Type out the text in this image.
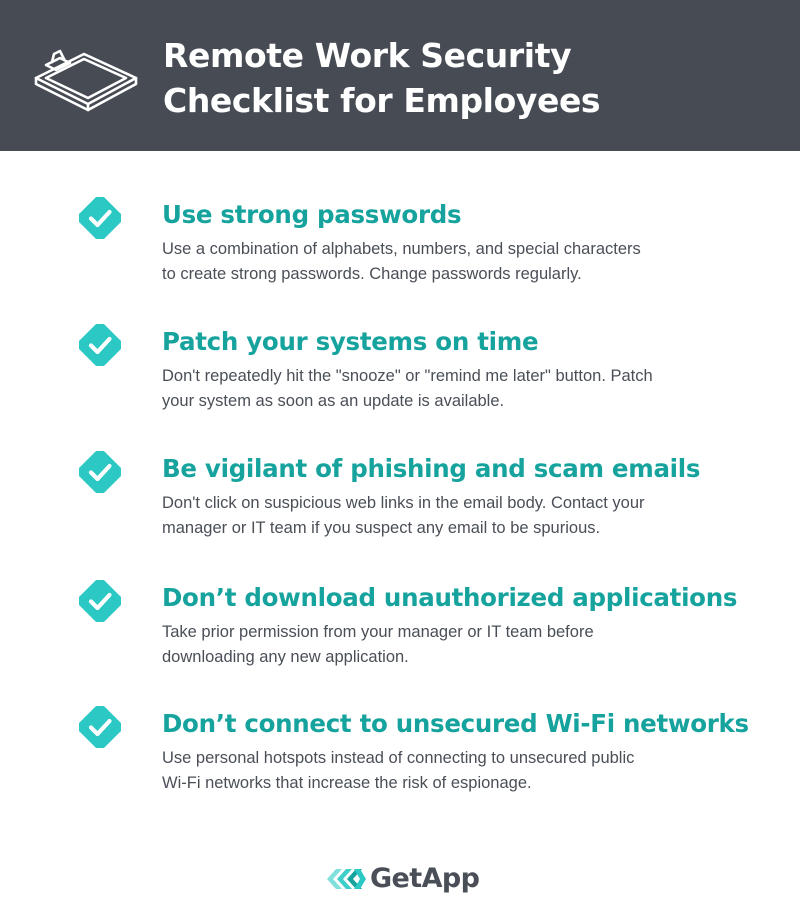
Remote Work Security
Checklist for Employees
Use strong passwords

Use a combination of alphabets, numbers, and special characters
to create strong passwords. Change passwords regularly.

Patch your systems on time

Don't repeatedly hit the "snooze" or "remind me later" button. Patch
your system as soon as an update is available.

Be vigilant of phishing and scam emails

Don't click on suspicious web links in the email body. Contact your
manager or IT team if you suspect any email to be spurious.

Don’t download unauthorized applications

Take prior permission from your manager or IT team before
downloading any new application.

Don’t connect to unsecured Wi-Fi networks

Use personal hotspots instead of connecting to unsecured public
Wi-Fi networks that increase the risk of espionage.

GetApp
